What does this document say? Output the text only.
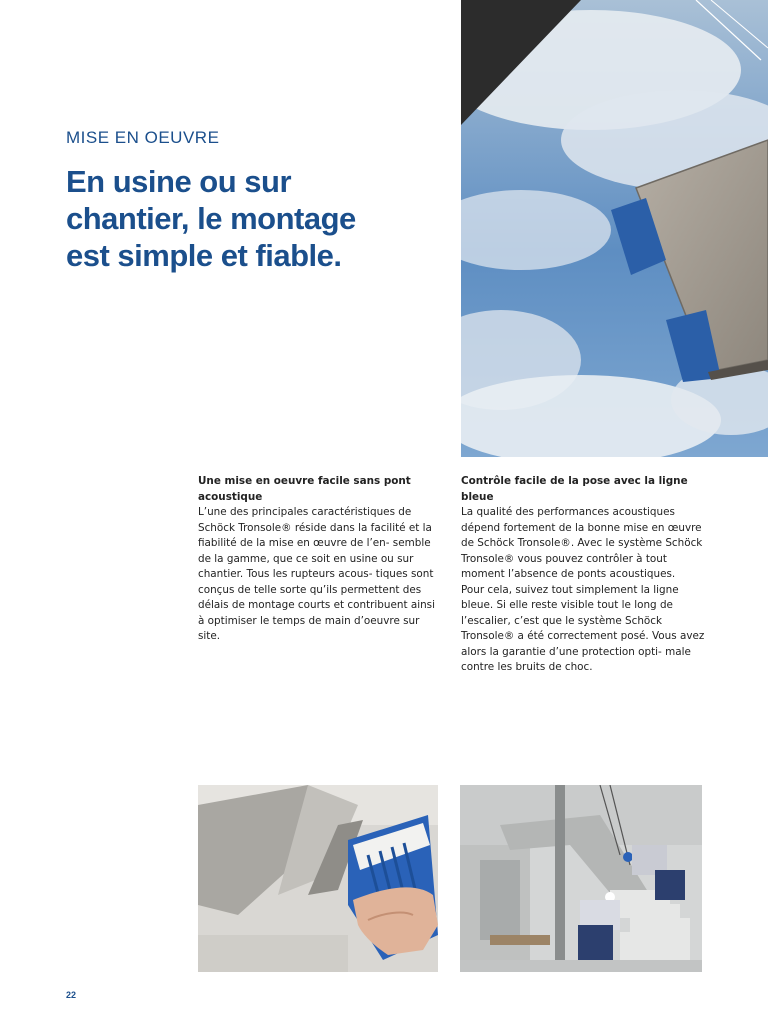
MISE EN OEUVRE
En usine ou sur chantier, le montage est simple et fiable.
Une mise en oeuvre facile sans pont acoustique

L’une des principales caractéristiques de Schöck Tronsole® réside dans la facilité et la fiabilité de la mise en œuvre de l’en- semble de la gamme, que ce soit en usine ou sur chantier. Tous les rupteurs acous- tiques sont conçus de telle sorte qu’ils permettent des délais de montage courts et contribuent ainsi à optimiser le temps de main d’oeuvre sur site.

Contrôle facile de la pose avec la ligne bleue

La qualité des performances acoustiques dépend fortement de la bonne mise en œuvre de Schöck Tronsole®. Avec le système Schöck Tronsole® vous pouvez contrôler à tout moment l’absence de ponts acoustiques.

Pour cela, suivez tout simplement la ligne bleue. Si elle reste visible tout le long de l’escalier, c’est que le système Schöck Tronsole® a été correctement posé. Vous avez alors la garantie d’une protection opti- male contre les bruits de choc.

22
